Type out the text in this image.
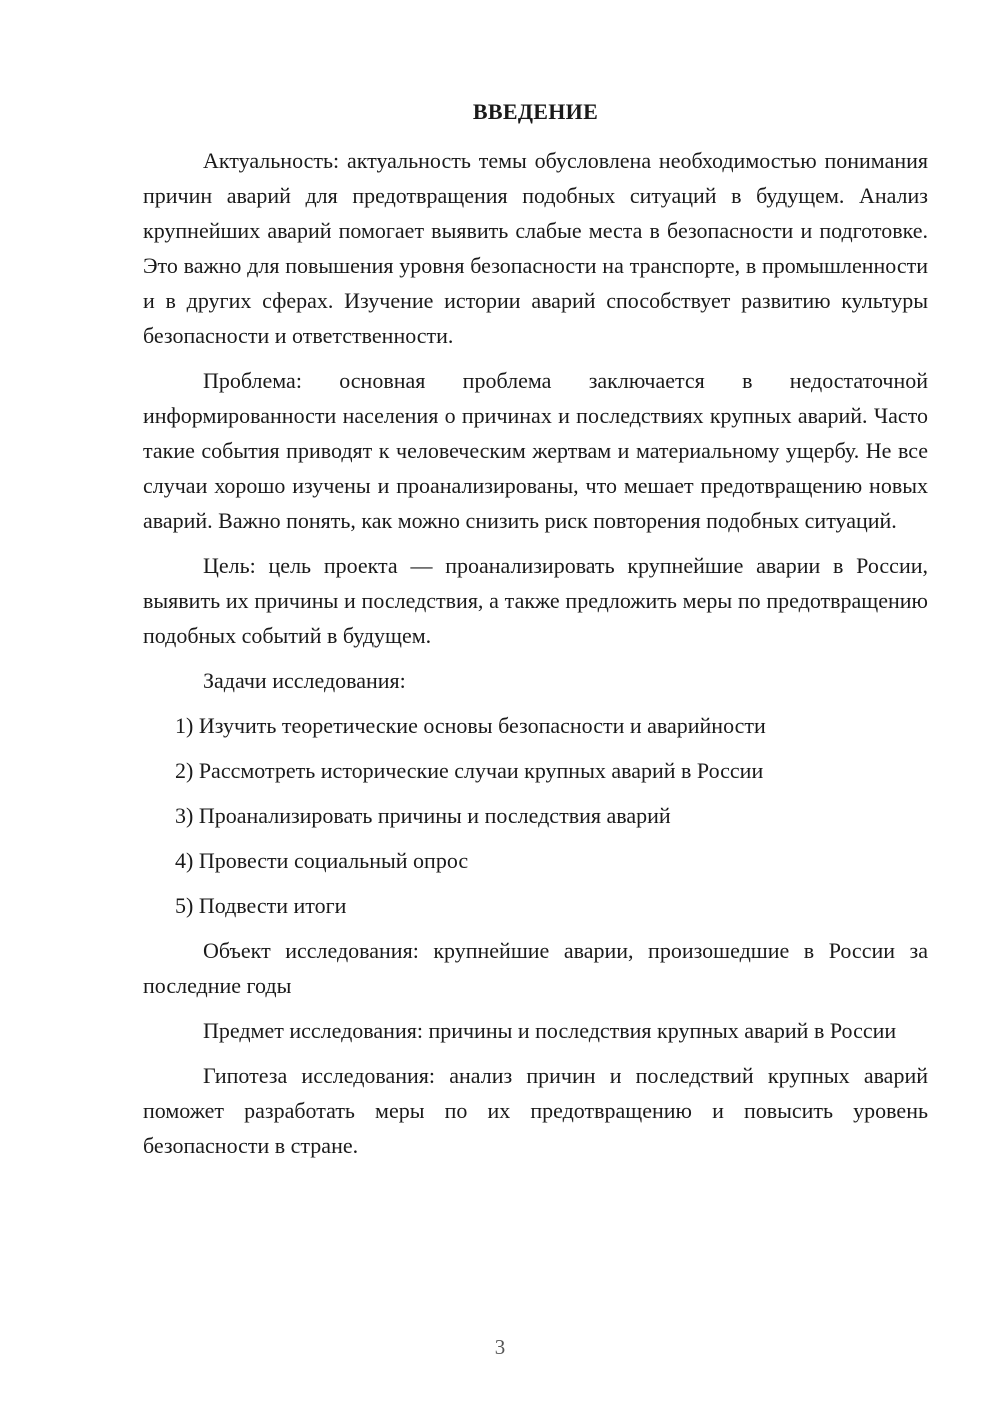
ВВЕДЕНИЕ

Актуальность: актуальность темы обусловлена необходимостью понимания причин аварий для предотвращения подобных ситуаций в будущем. Анализ крупнейших аварий помогает выявить слабые места в безопасности и подготовке. Это важно для повышения уровня безопасности на транспорте, в промышленности и в других сферах. Изучение истории аварий способствует развитию культуры безопасности и ответственности.

Проблема: основная проблема заключается в недостаточной информированности населения о причинах и последствиях крупных аварий. Часто такие события приводят к человеческим жертвам и материальному ущербу. Не все случаи хорошо изучены и проанализированы, что мешает предотвращению новых аварий. Важно понять, как можно снизить риск повторения подобных ситуаций.

Цель: цель проекта — проанализировать крупнейшие аварии в России, выявить их причины и последствия, а также предложить меры по предотвращению подобных событий в будущем.

Задачи исследования:

1) Изучить теоретические основы безопасности и аварийности
2) Рассмотреть исторические случаи крупных аварий в России
3) Проанализировать причины и последствия аварий
4) Провести социальный опрос
5) Подвести итоги

Объект исследования: крупнейшие аварии, произошедшие в России за последние годы

Предмет исследования: причины и последствия крупных аварий в России

Гипотеза исследования: анализ причин и последствий крупных аварий поможет разработать меры по их предотвращению и повысить уровень безопасности в стране.

3
